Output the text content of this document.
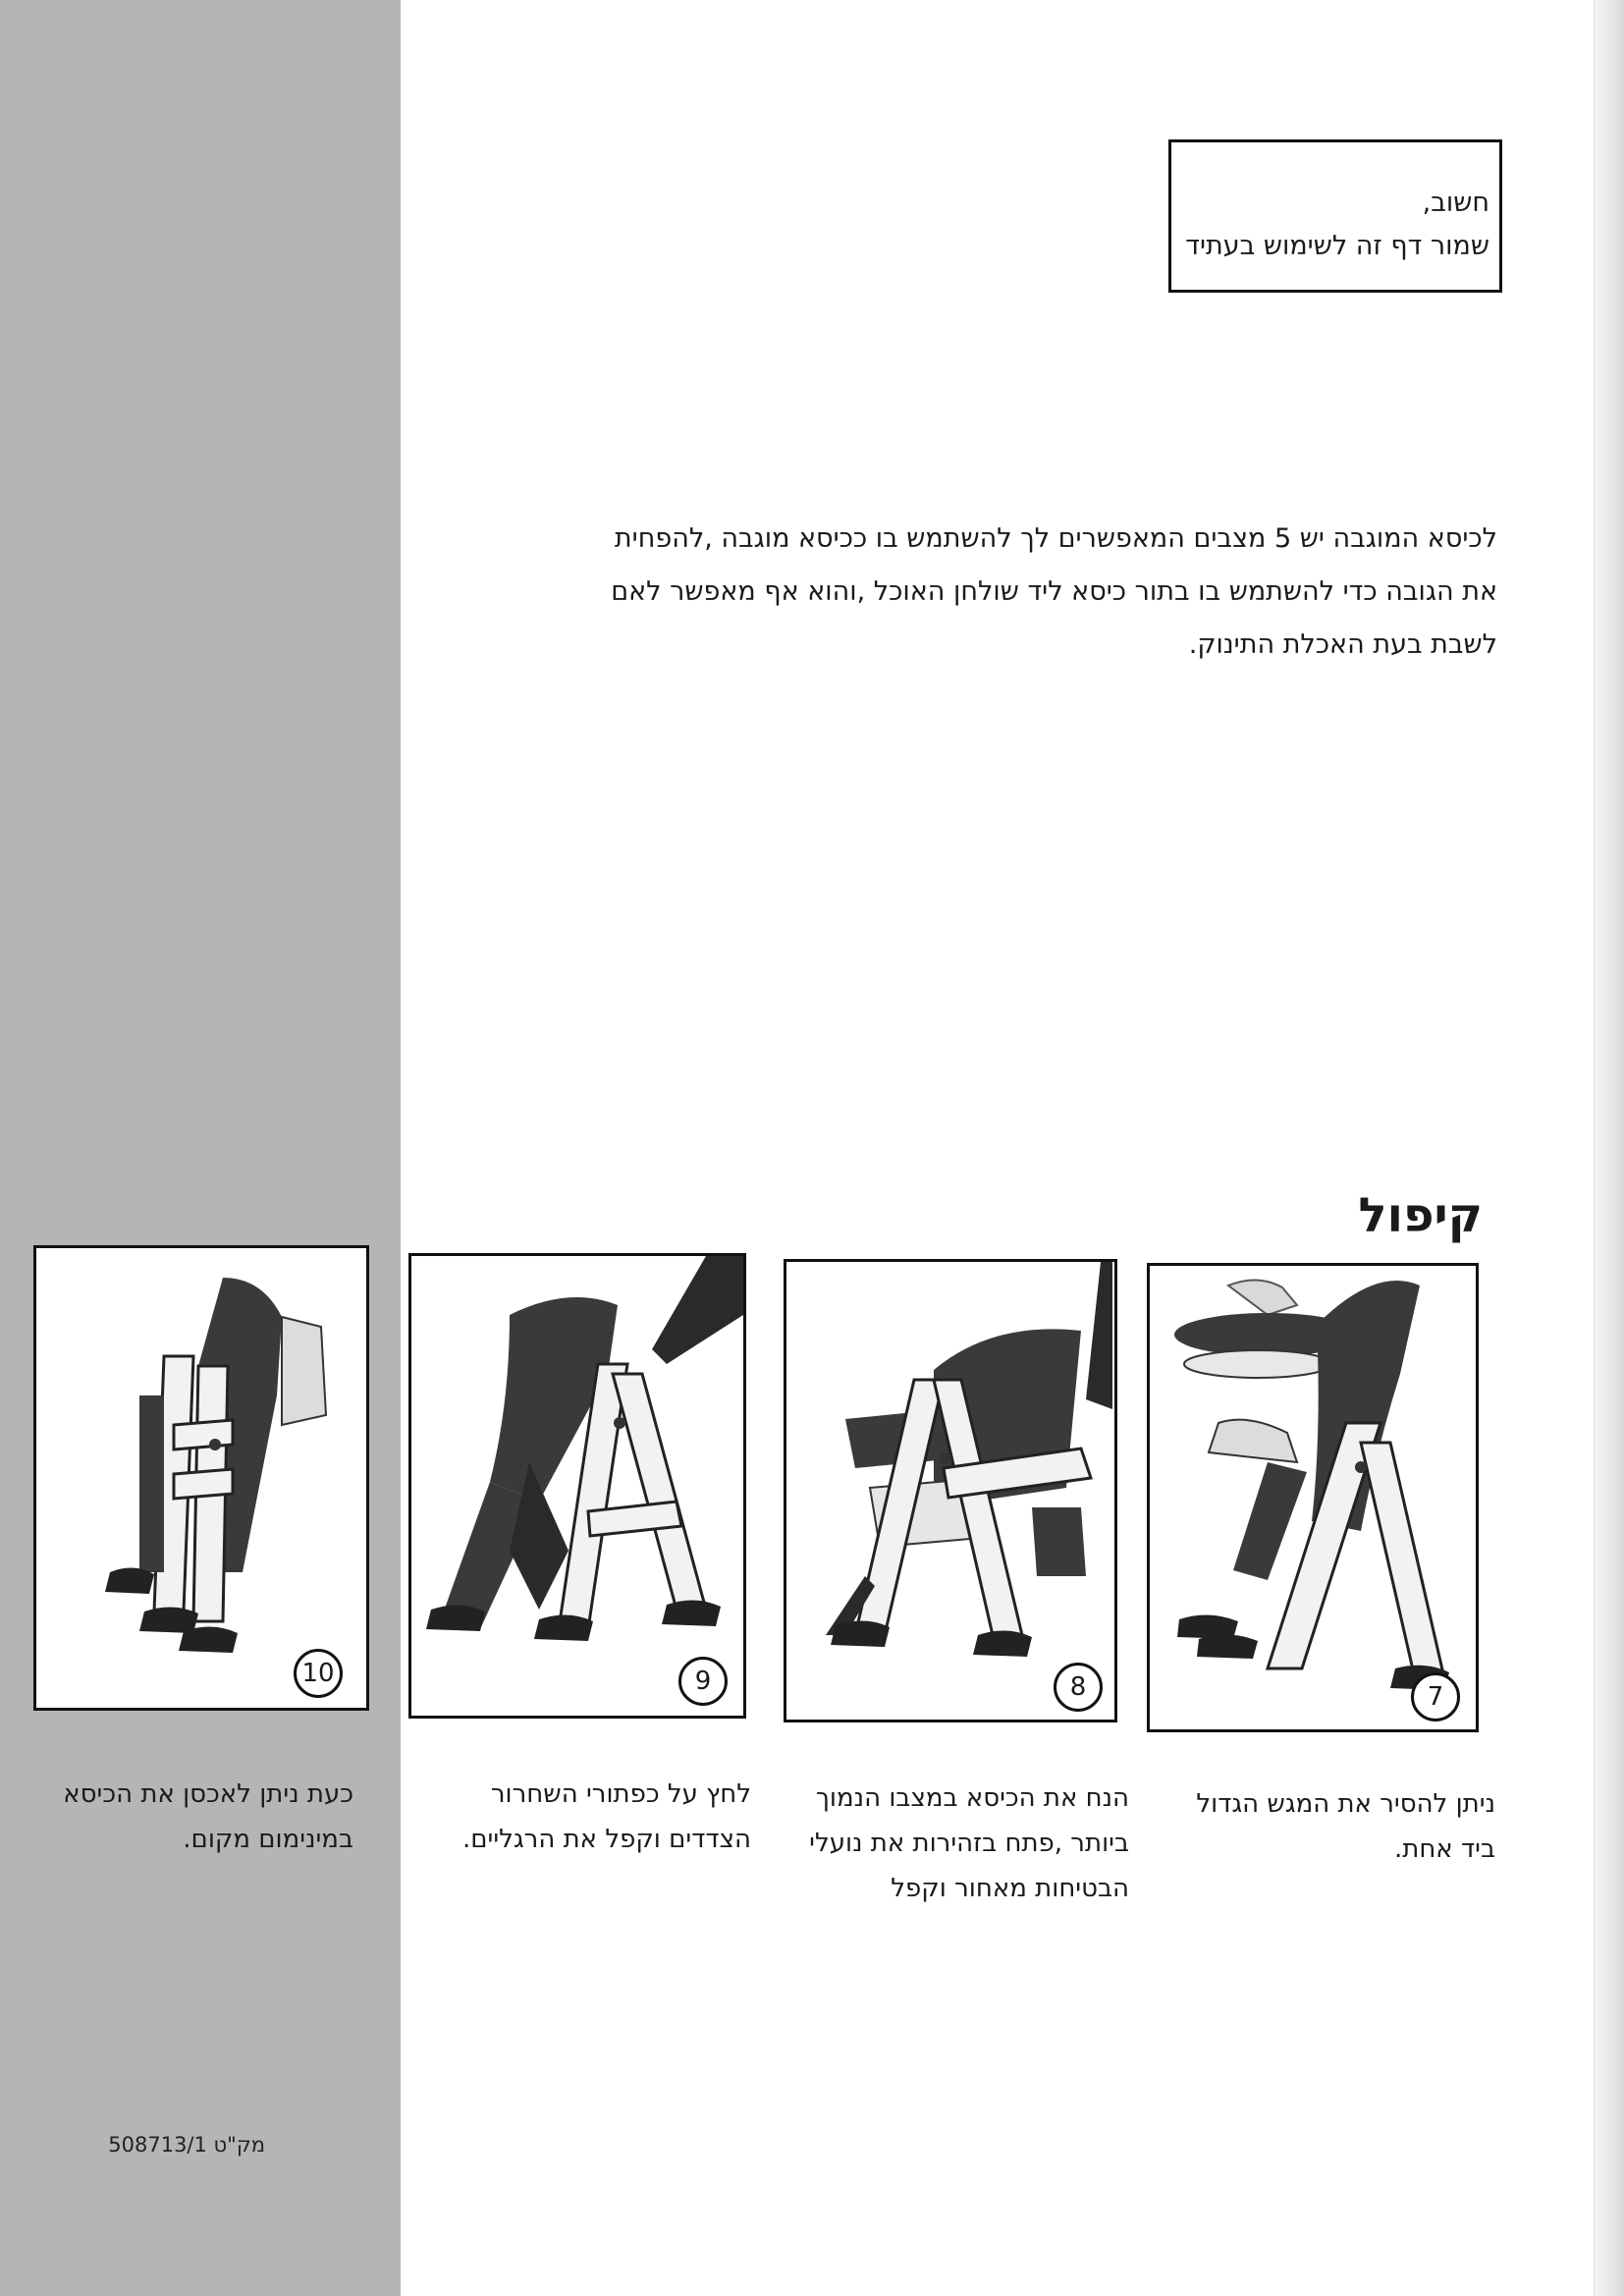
חשוב,
שמור דף זה לשימוש בעתיד
לכיסא המוגבה יש 5 מצבים המאפשרים לך להשתמש בו ככיסא מוגבה ,להפחית
את הגובה כדי להשתמש בו בתור כיסא ליד שולחן האוכל ,והוא אף מאפשר לאם
לשבת בעת האכלת התינוק.
קיפול
7
8
9
10
ניתן להסיר את המגש הגדול
ביד אחת.
הנח את הכיסא במצבו הנמוך
ביותר ,פתח בזהירות את נועלי
הבטיחות מאחור וקפל
לחץ על כפתורי השחרור
הצדדים וקפל את הרגליים.
כעת ניתן לאכסן את הכיסא
במינימום מקום.
מק"ט 508713/1
